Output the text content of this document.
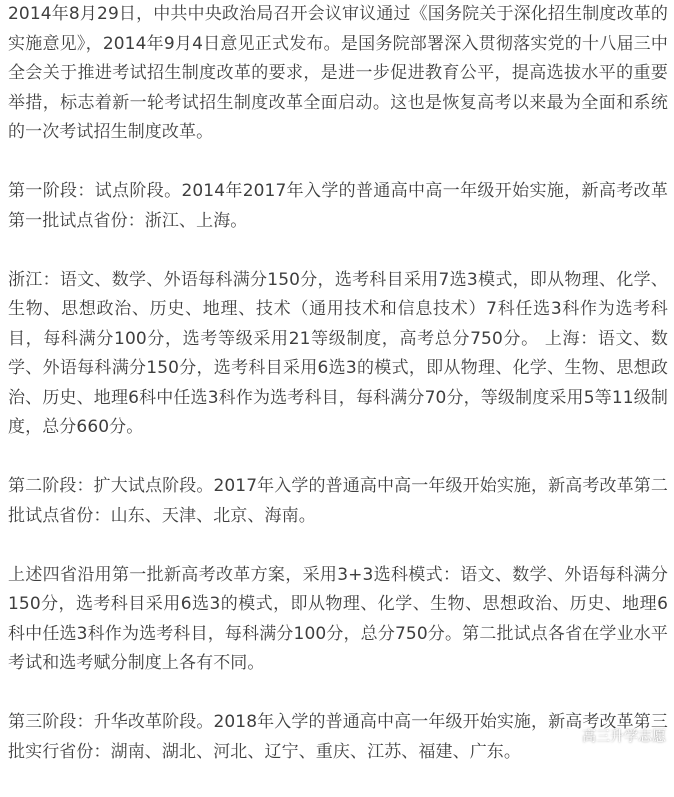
2014年8月29日，中共中央政治局召开会议审议通过《国务院关于深化招生制度改革的实施意见》，2014年9月4日意见正式发布。是国务院部署深入贯彻落实党的十八届三中全会关于推进考试招生制度改革的要求，是进一步促进教育公平，提高选拔水平的重要举措，标志着新一轮考试招生制度改革全面启动。这也是恢复高考以来最为全面和系统的一次考试招生制度改革。

第一阶段：试点阶段。2014年2017年入学的普通高中高一年级开始实施，新高考改革第一批试点省份：浙江、上海。

浙江：语文、数学、外语每科满分150分，选考科目采用7选3模式，即从物理、化学、生物、思想政治、历史、地理、技术（通用技术和信息技术）7科任选3科作为选考科目，每科满分100分，选考等级采用21等级制度，高考总分750分。 上海：语文、数学、外语每科满分150分，选考科目采用6选3的模式，即从物理、化学、生物、思想政治、历史、地理6科中任选3科作为选考科目，每科满分70分，等级制度采用5等11级制度，总分660分。

第二阶段：扩大试点阶段。2017年入学的普通高中高一年级开始实施，新高考改革第二批试点省份：山东、天津、北京、海南。

上述四省沿用第一批新高考改革方案，采用3+3选科模式：语文、数学、外语每科满分150分，选考科目采用6选3的模式，即从物理、化学、生物、思想政治、历史、地理6科中任选3科作为选考科目，每科满分100分，总分750分。第二批试点各省在学业水平考试和选考赋分制度上各有不同。

第三阶段：升华改革阶段。2018年入学的普通高中高一年级开始实施，新高考改革第三批实行省份：湖南、湖北、河北、辽宁、重庆、江苏、福建、广东。

高三升学志愿
